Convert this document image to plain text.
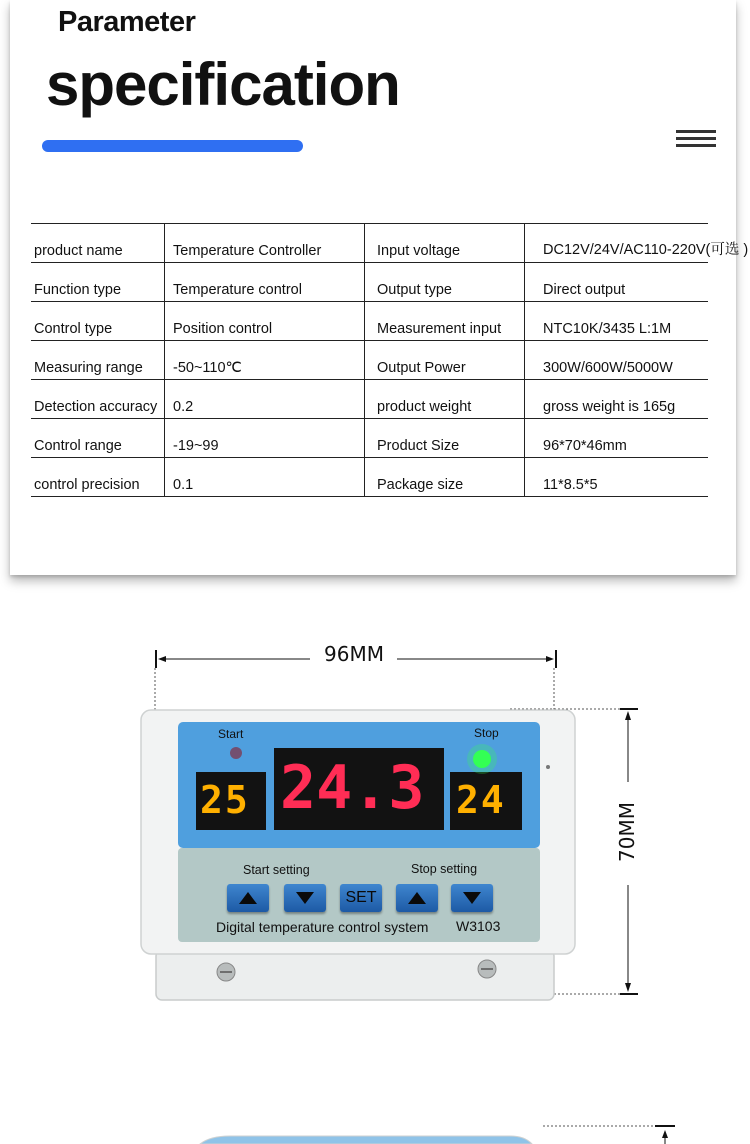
Parameter
specification
product name	Temperature Controller	Input voltage	DC12V/24V/AC110-220V(可选 )
Function type	Temperature control	Output type	Direct output
Control type	Position control	Measurement input	NTC10K/3435 L:1M
Measuring range	-50~110℃	Output Power	300W/600W/5000W
Detection accuracy	0.2	product weight	gross weight is 165g
Control range	-19~99	Product Size	96*70*46mm
control precision	0.1	Package size	11*8.5*5
96MM
70MM
Start	Stop
25 24.3 24
Start setting	Stop setting
SET
Digital temperature control system W3103
